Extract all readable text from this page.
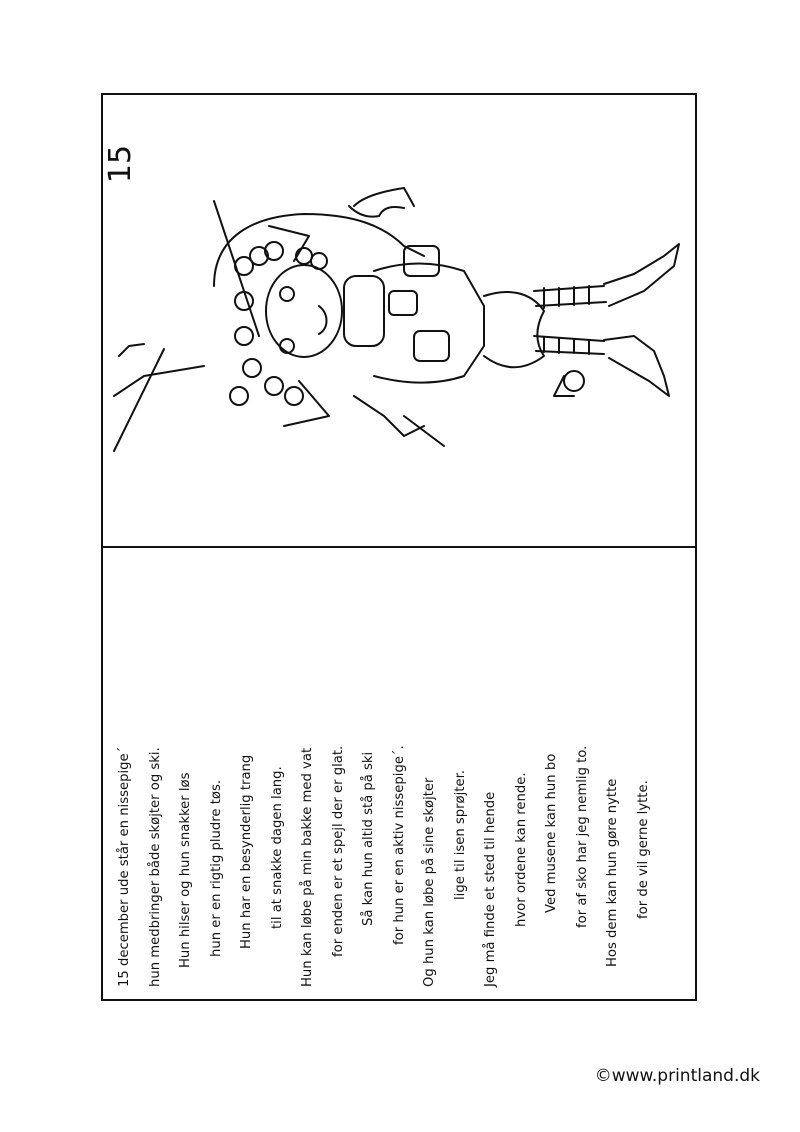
15
15 december ude står en nissepige´	hun medbringer både skøjter og ski.	Hun hilser og hun snakker løs	hun er en rigtig pludre tøs.	Hun har en besynderlig trang	til at snakke dagen lang.	Hun kan løbe på min bakke med vat	for enden er et spejl der er glat.	Så kan hun altid stå på ski	for hun er en aktiv nissepige´.	Og hun kan løbe på sine skøjter	lige til isen sprøjter.	Jeg må finde et sted til hende	hvor ordene kan rende.	Ved musene kan hun bo	for af sko har jeg nemlig to.	Hos dem kan hun gøre nytte	for de vil gerne lytte.
©www.printland.dk
